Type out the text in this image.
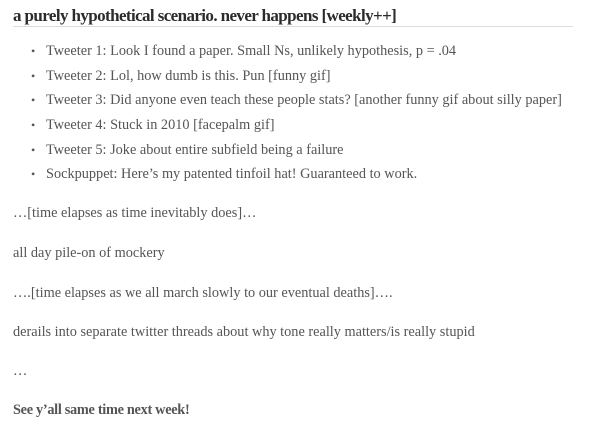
a purely hypothetical scenario. never happens [weekly++]
• Tweeter 1: Look I found a paper. Small Ns, unlikely hypothesis, p = .04
• Tweeter 2: Lol, how dumb is this. Pun [funny gif]
• Tweeter 3: Did anyone even teach these people stats? [another funny gif about silly paper]
• Tweeter 4: Stuck in 2010 [facepalm gif]
• Tweeter 5: Joke about entire subfield being a failure
• Sockpuppet: Here’s my patented tinfoil hat! Guaranteed to work.

…[time elapses as time inevitably does]…

all day pile-on of mockery

….[time elapses as we all march slowly to our eventual deaths]….

derails into separate twitter threads about why tone really matters/is really stupid

…

See y’all same time next week!
